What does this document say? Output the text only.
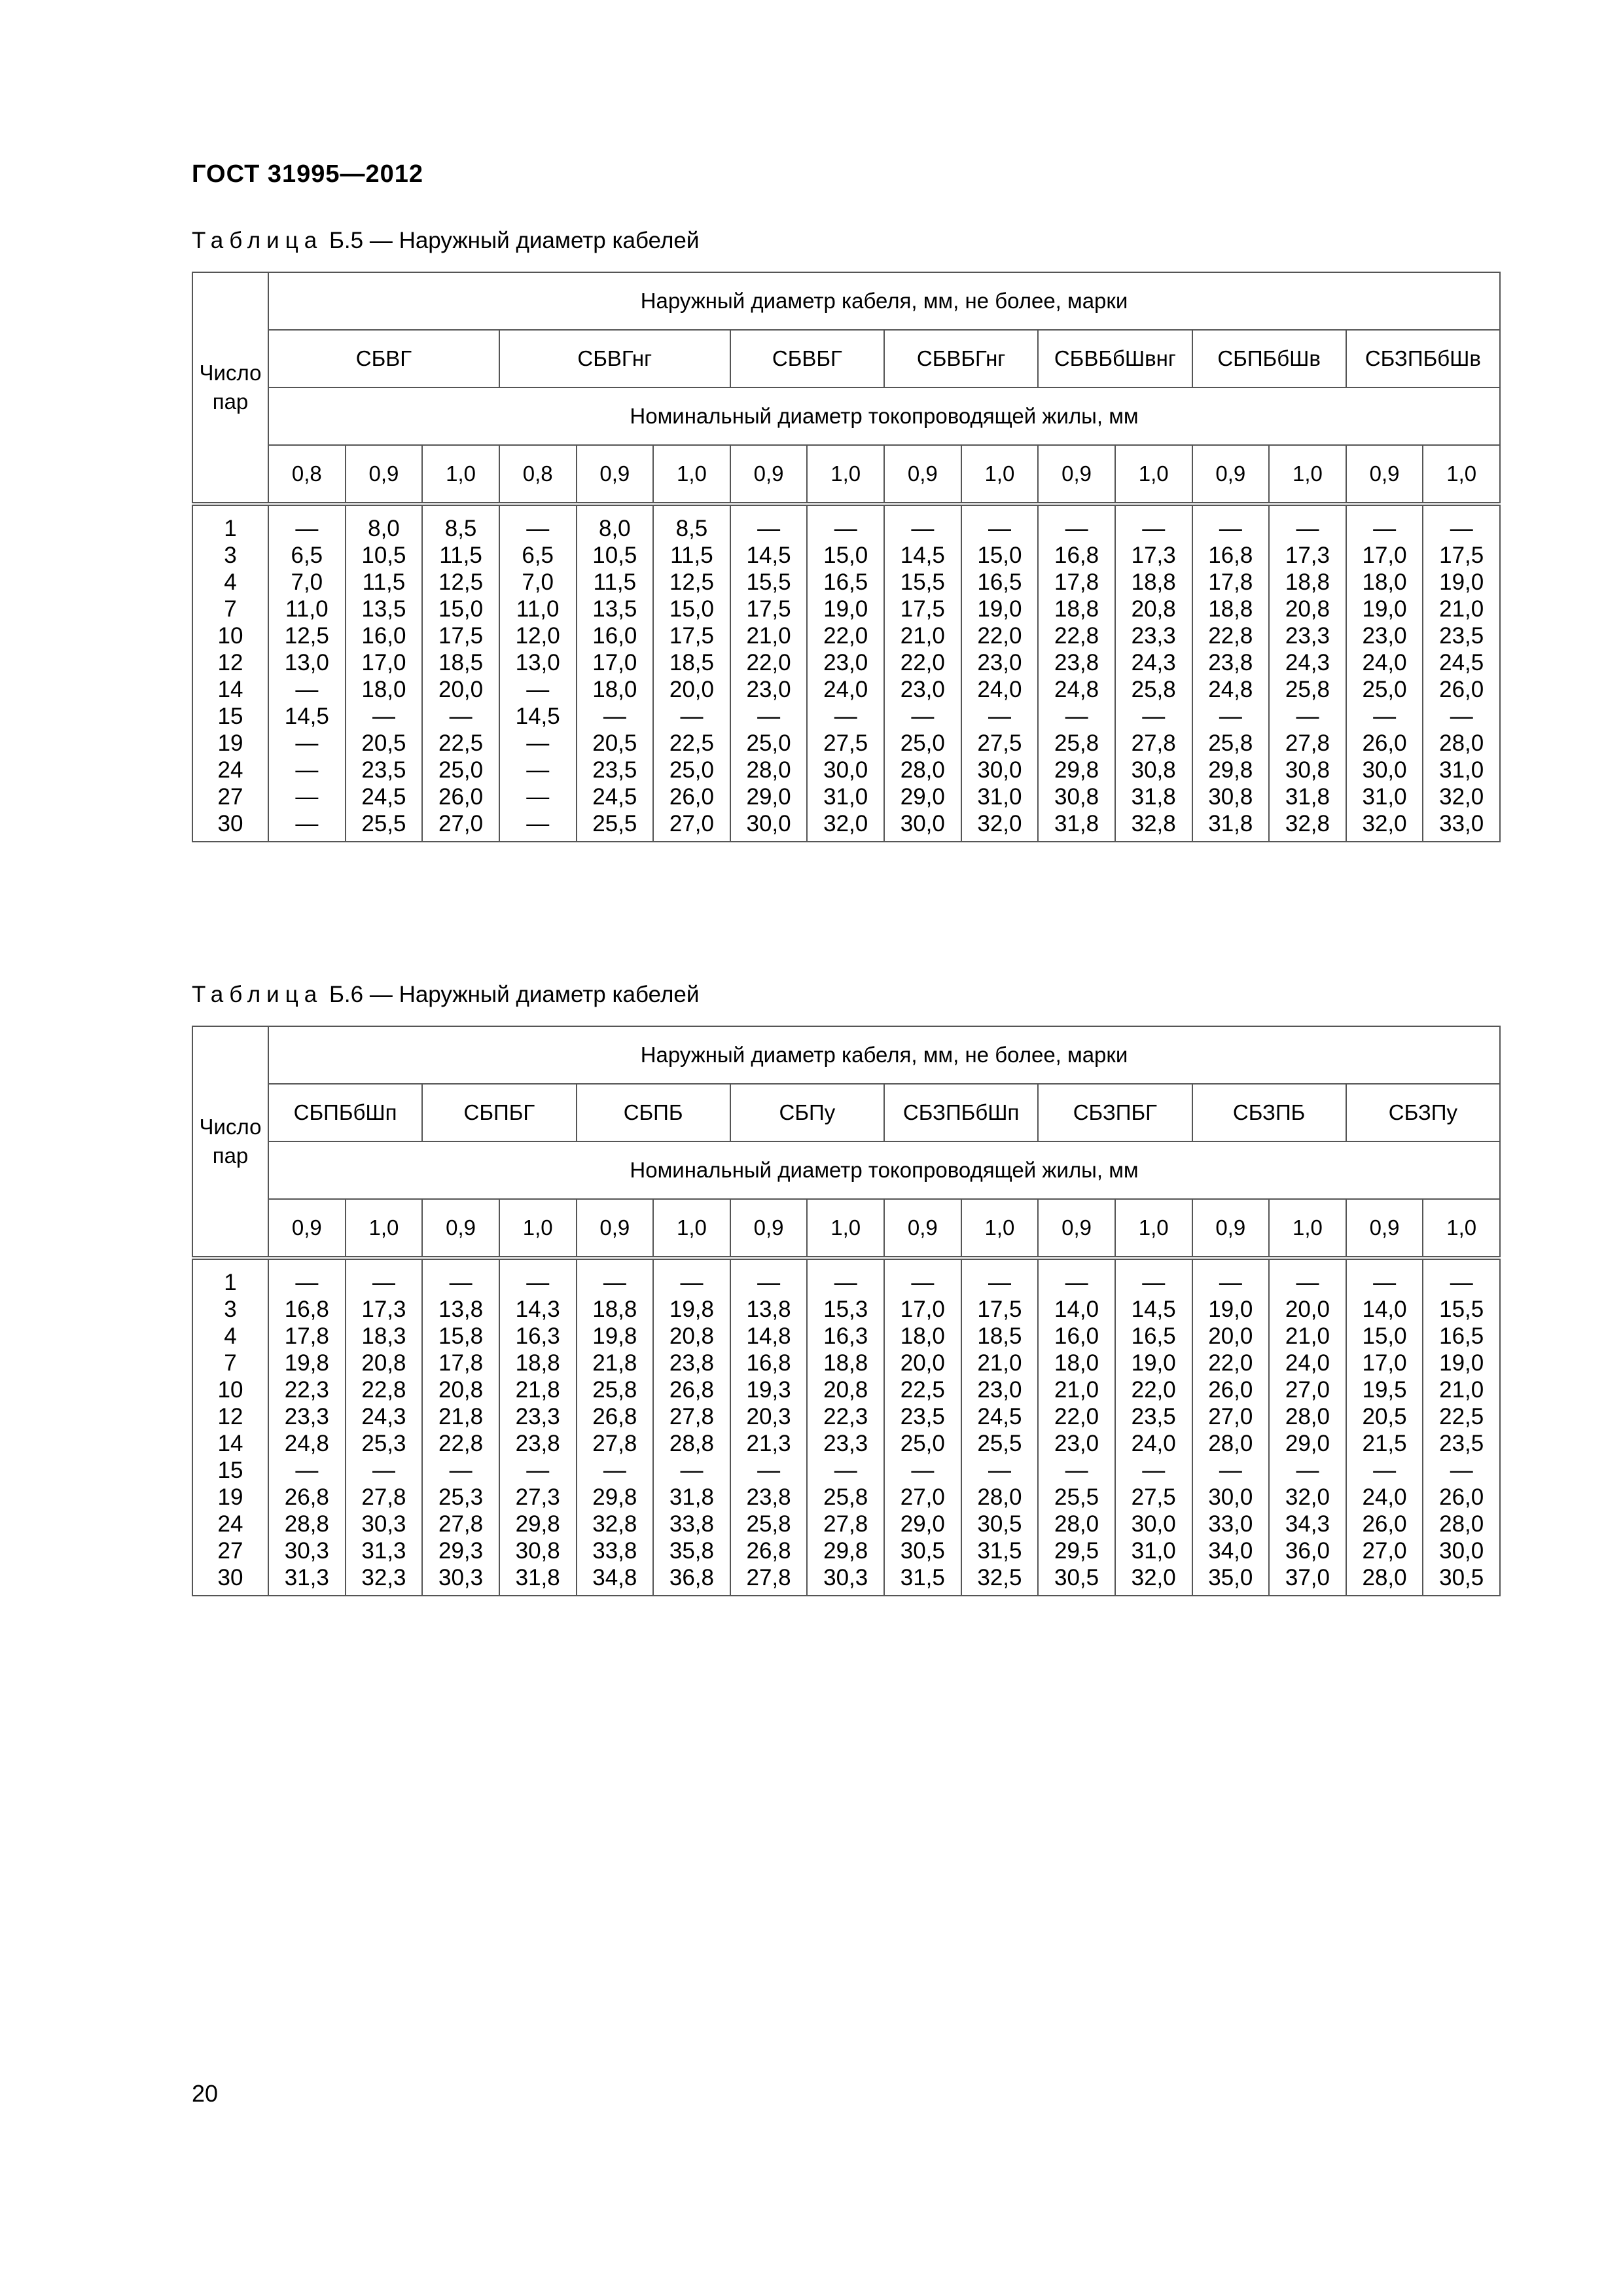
ГОСТ 31995—2012
Таблица Б.5 — Наружный диаметр кабелей
Число
пар	Наружный диаметр кабеля, мм, не более, марки															
	СБВГ			СБВГнг			СБВБГ		СБВБГнг		СБВБбШвнг		СБПБбШв		СБЗПБбШв	
	Номинальный диаметр токопроводящей жилы, мм															
	0,8	0,9	1,0	0,8	0,9	1,0	0,9	1,0	0,9	1,0	0,9	1,0	0,9	1,0	0,9	1,0
1	—	8,0	8,5	—	8,0	8,5	—	—	—	—	—	—	—	—	—	—
3	6,5	10,5	11,5	6,5	10,5	11,5	14,5	15,0	14,5	15,0	16,8	17,3	16,8	17,3	17,0	17,5
4	7,0	11,5	12,5	7,0	11,5	12,5	15,5	16,5	15,5	16,5	17,8	18,8	17,8	18,8	18,0	19,0
7	11,0	13,5	15,0	11,0	13,5	15,0	17,5	19,0	17,5	19,0	18,8	20,8	18,8	20,8	19,0	21,0
10	12,5	16,0	17,5	12,0	16,0	17,5	21,0	22,0	21,0	22,0	22,8	23,3	22,8	23,3	23,0	23,5
12	13,0	17,0	18,5	13,0	17,0	18,5	22,0	23,0	22,0	23,0	23,8	24,3	23,8	24,3	24,0	24,5
14	—	18,0	20,0	—	18,0	20,0	23,0	24,0	23,0	24,0	24,8	25,8	24,8	25,8	25,0	26,0
15	14,5	—	—	14,5	—	—	—	—	—	—	—	—	—	—	—	—
19	—	20,5	22,5	—	20,5	22,5	25,0	27,5	25,0	27,5	25,8	27,8	25,8	27,8	26,0	28,0
24	—	23,5	25,0	—	23,5	25,0	28,0	30,0	28,0	30,0	29,8	30,8	29,8	30,8	30,0	31,0
27	—	24,5	26,0	—	24,5	26,0	29,0	31,0	29,0	31,0	30,8	31,8	30,8	31,8	31,0	32,0
30	—	25,5	27,0	—	25,5	27,0	30,0	32,0	30,0	32,0	31,8	32,8	31,8	32,8	32,0	33,0
Таблица Б.6 — Наружный диаметр кабелей
Число
пар	Наружный диаметр кабеля, мм, не более, марки															
	СБПБбШп		СБПБГ		СБПБ		СБПу		СБЗПБбШп		СБЗПБГ		СБЗПБ		СБЗПу	
	Номинальный диаметр токопроводящей жилы, мм															
	0,9	1,0	0,9	1,0	0,9	1,0	0,9	1,0	0,9	1,0	0,9	1,0	0,9	1,0	0,9	1,0
1	—	—	—	—	—	—	—	—	—	—	—	—	—	—	—	—
3	16,8	17,3	13,8	14,3	18,8	19,8	13,8	15,3	17,0	17,5	14,0	14,5	19,0	20,0	14,0	15,5
4	17,8	18,3	15,8	16,3	19,8	20,8	14,8	16,3	18,0	18,5	16,0	16,5	20,0	21,0	15,0	16,5
7	19,8	20,8	17,8	18,8	21,8	23,8	16,8	18,8	20,0	21,0	18,0	19,0	22,0	24,0	17,0	19,0
10	22,3	22,8	20,8	21,8	25,8	26,8	19,3	20,8	22,5	23,0	21,0	22,0	26,0	27,0	19,5	21,0
12	23,3	24,3	21,8	23,3	26,8	27,8	20,3	22,3	23,5	24,5	22,0	23,5	27,0	28,0	20,5	22,5
14	24,8	25,3	22,8	23,8	27,8	28,8	21,3	23,3	25,0	25,5	23,0	24,0	28,0	29,0	21,5	23,5
15	—	—	—	—	—	—	—	—	—	—	—	—	—	—	—	—
19	26,8	27,8	25,3	27,3	29,8	31,8	23,8	25,8	27,0	28,0	25,5	27,5	30,0	32,0	24,0	26,0
24	28,8	30,3	27,8	29,8	32,8	33,8	25,8	27,8	29,0	30,5	28,0	30,0	33,0	34,3	26,0	28,0
27	30,3	31,3	29,3	30,8	33,8	35,8	26,8	29,8	30,5	31,5	29,5	31,0	34,0	36,0	27,0	30,0
30	31,3	32,3	30,3	31,8	34,8	36,8	27,8	30,3	31,5	32,5	30,5	32,0	35,0	37,0	28,0	30,5
20
